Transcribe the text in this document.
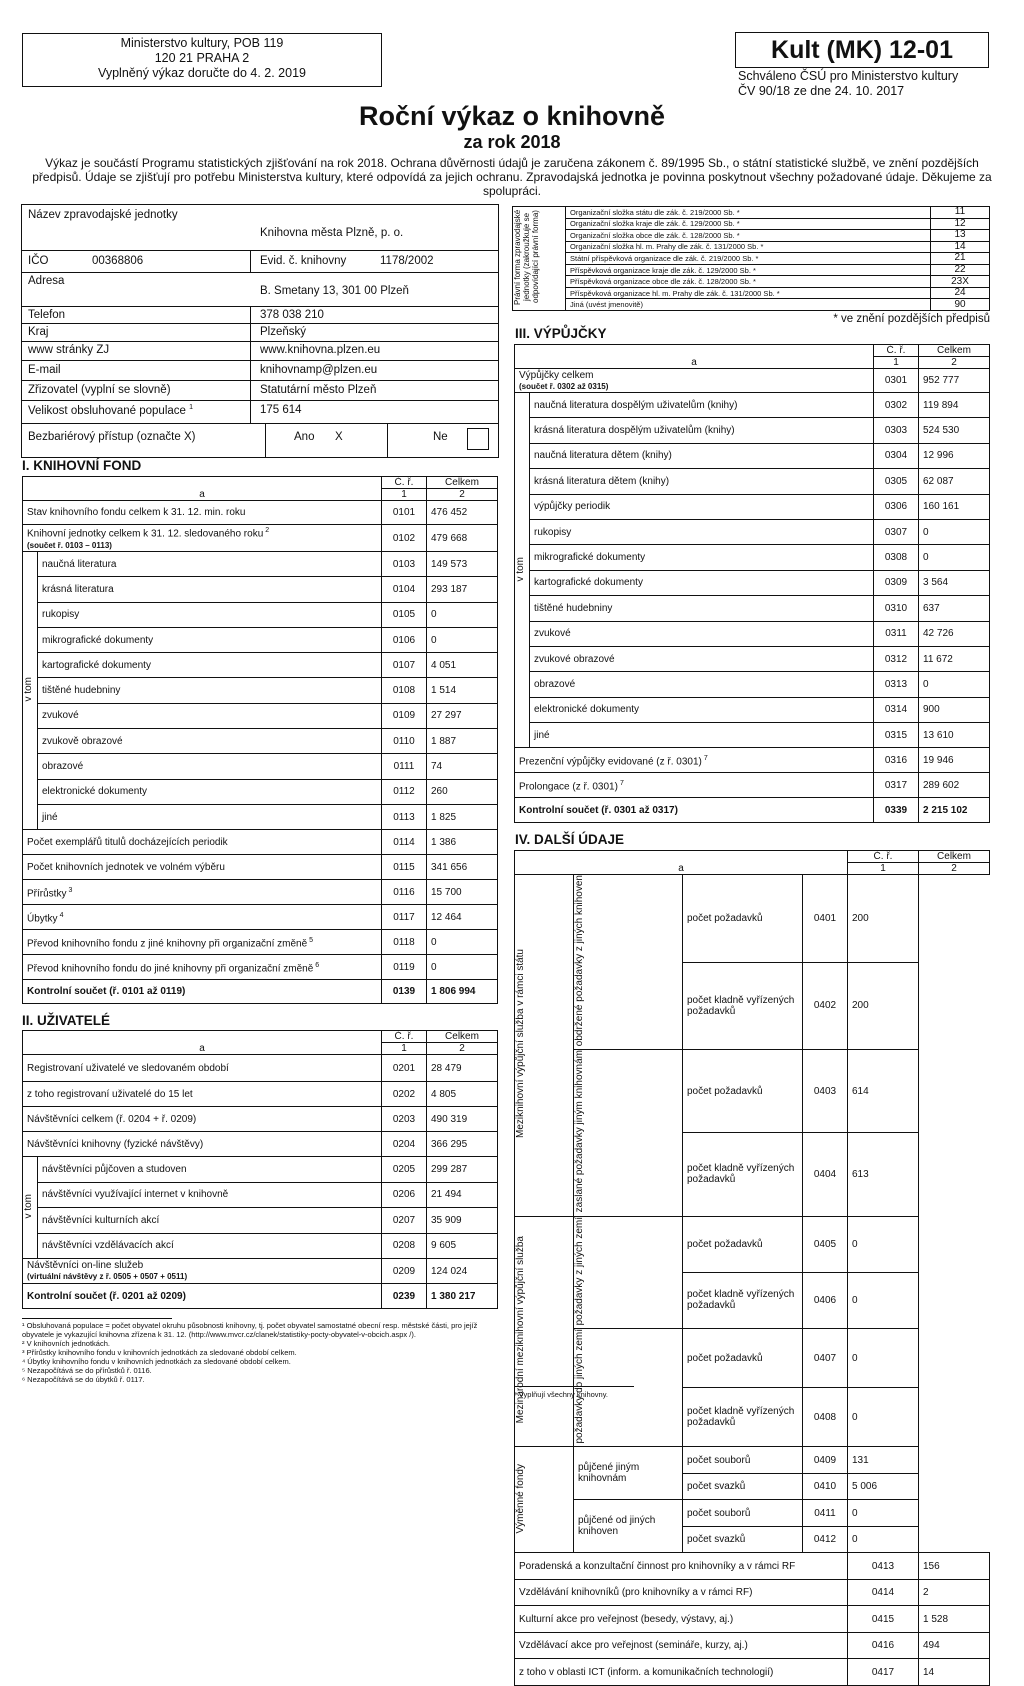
Ministerstvo kultury, POB 119
120 21 PRAHA 2
Vyplněný výkaz doručte do 4. 2. 2019
Kult (MK) 12-01
Schváleno ČSÚ pro Ministerstvo kultury
ČV 90/18 ze dne 24. 10. 2017
Roční výkaz o knihovně
za rok 2018
Výkaz je součástí Programu statistických zjišťování na rok 2018. Ochrana důvěrnosti údajů je zaručena zákonem č. 89/1995 Sb., o státní statistické službě, ve znění pozdějších předpisů. Údaje se zjišťují pro potřebu Ministerstva kultury, které odpovídá za jejich ochranu. Zpravodajská jednotka je povinna poskytnout všechny požadované údaje. Děkujeme za spolupráci.
Název zpravodajské jednotky
Knihovna města Plzně, p. o.
IČO	00368806	Evid. č. knihovny	1178/2002
Adresa
B. Smetany 13, 301 00 Plzeň
Telefon	378 038 210
Kraj	Plzeňský
www stránky ZJ	www.knihovna.plzen.eu
E-mail	knihovnamp@plzen.eu
Zřizovatel (vyplní se slovně)	Statutární město Plzeň
Velikost obsluhované populace $^1$	175 614
Bezbariérový přístup (označte X)	Ano X	Ne
Právní forma zpravodajské jednotky (zakroužkuje se odpovídající právní forma)	Organizační složka státu dle zák. č. 219/2000 Sb. *	11
	Organizační složka kraje dle zák. č. 129/2000 Sb. *	12
	Organizační složka obce dle zák. č. 128/2000 Sb. *	13
	Organizační složka hl. m. Prahy dle zák. č. 131/2000 Sb. *	14
	Státní příspěvková organizace dle zák. č. 219/2000 Sb. *	21
	Příspěvková organizace kraje dle zák. č. 129/2000 Sb. *	22
	Příspěvková organizace obce dle zák. č. 128/2000 Sb. *	23X
	Příspěvková organizace hl. m. Prahy dle zák. č. 131/2000 Sb. *	24
	Jiná (uvést jmenovitě)	90
* ve znění pozdějších předpisů
I. KNIHOVNÍ FOND
		Č. ř.	Celkem
a		1	2
Stav knihovního fondu celkem k 31. 12. min. roku		0101	476 452
Knihovní jednotky celkem k 31. 12. sledovaného roku $^2$
(součet ř. 0103 – 0113)		0102	479 668
v tom	naučná literatura	0103	149 573
	krásná literatura	0104	293 187
	rukopisy	0105	0
	mikrografické dokumenty	0106	0
	kartografické dokumenty	0107	4 051
	tištěné hudebniny	0108	1 514
	zvukové	0109	27 297
	zvukově obrazové	0110	1 887
	obrazové	0111	74
	elektronické dokumenty	0112	260
	jiné	0113	1 825
Počet exemplářů titulů docházejících periodik		0114	1 386
Počet knihovních jednotek ve volném výběru		0115	341 656
Přírůstky $^3$		0116	15 700
Úbytky $^4$		0117	12 464
Převod knihovního fondu z jiné knihovny při organizační změně $^5$		0118	0
Převod knihovního fondu do jiné knihovny při organizační změně $^6$		0119	0
Kontrolní součet (ř. 0101 až 0119)		0139	1 806 994
II. UŽIVATELÉ
		Č. ř.	Celkem
a		1	2
Registrovaní uživatelé ve sledovaném období		0201	28 479
z toho registrovaní uživatelé do 15 let		0202	4 805
Návštěvníci celkem (ř. 0204 + ř. 0209)		0203	490 319
Návštěvníci knihovny (fyzické návštěvy)		0204	366 295
v tom	návštěvníci půjčoven a studoven	0205	299 287
	návštěvníci využívající internet v knihovně	0206	21 494
	návštěvníci kulturních akcí	0207	35 909
	návštěvníci vzdělávacích akcí	0208	9 605
Návštěvníci on-line služeb
(virtuální návštěvy z ř. 0505 + 0507 + 0511)		0209	124 024
Kontrolní součet (ř. 0201 až 0209)		0239	1 380 217
III. VÝPŮJČKY
		Č. ř.	Celkem
a		1	2
Výpůjčky celkem
(součet ř. 0302 až 0315)		0301	952 777
v tom	naučná literatura dospělým uživatelům (knihy)	0302	119 894
	krásná literatura dospělým uživatelům (knihy)	0303	524 530
	naučná literatura dětem (knihy)	0304	12 996
	krásná literatura dětem (knihy)	0305	62 087
	výpůjčky periodik	0306	160 161
	rukopisy	0307	0
	mikrografické dokumenty	0308	0
	kartografické dokumenty	0309	3 564
	tištěné hudebniny	0310	637
	zvukové	0311	42 726
	zvukové obrazové	0312	11 672
	obrazové	0313	0
	elektronické dokumenty	0314	900
	jiné	0315	13 610
Prezenční výpůjčky evidované (z ř. 0301) $^7$		0316	19 946
Prolongace (z ř. 0301) $^7$		0317	289 602
Kontrolní součet (ř. 0301 až 0317)		0339	2 215 102
IV. DALŠÍ ÚDAJE
				Č. ř.	Celkem
a				1	2
Meziknihovní výpůjční služba v rámci státu	obdržené požadavky z jiných knihoven	počet požadavků	0401	200	
		počet kladně vyřízených požadavků	0402	200	
	zaslané požadavky jiným knihovnám	počet požadavků	0403	614	
		počet kladně vyřízených požadavků	0404	613	
Mezinárodní meziknihovní výpůjční služba	požadavky z jiných zemí	počet požadavků	0405	0	
		počet kladně vyřízených požadavků	0406	0	
	požadavky do jiných zemí	počet požadavků	0407	0	
		počet kladně vyřízených požadavků	0408	0	
Výměnné fondy	půjčené jiným knihovnám	počet souborů	0409	131	
		počet svazků	0410	5 006	
	půjčené od jiných knihoven	počet souborů	0411	0	
		počet svazků	0412	0	
Poradenská a konzultační činnost pro knihovníky a v rámci RF				0413	156
Vzdělávání knihovníků (pro knihovníky a v rámci RF)				0414	2
Kulturní akce pro veřejnost (besedy, výstavy, aj.)				0415	1 528
Vzdělávací akce pro veřejnost (semináře, kurzy, aj.)				0416	494
z toho v oblasti ICT (inform. a komunikačních technologií)				0417	14
¹ Obsluhovaná populace = počet obyvatel okruhu působnosti knihovny, tj. počet obyvatel samostatné obecní resp. městské části, pro jejíž obyvatele je vykazující knihovna zřízena k 31. 12. (http://www.mvcr.cz/clanek/statistiky-pocty-obyvatel-v-obcich.aspx /).
² V knihovních jednotkách.
³ Přírůstky knihovního fondu v knihovních jednotkách za sledované období celkem.
⁴ Úbytky knihovního fondu v knihovních jednotkách za sledované období celkem.
⁵ Nezapočítává se do přírůstků ř. 0116.
⁶ Nezapočítává se do úbytků ř. 0117.
⁷ Vyplňují všechny knihovny.
